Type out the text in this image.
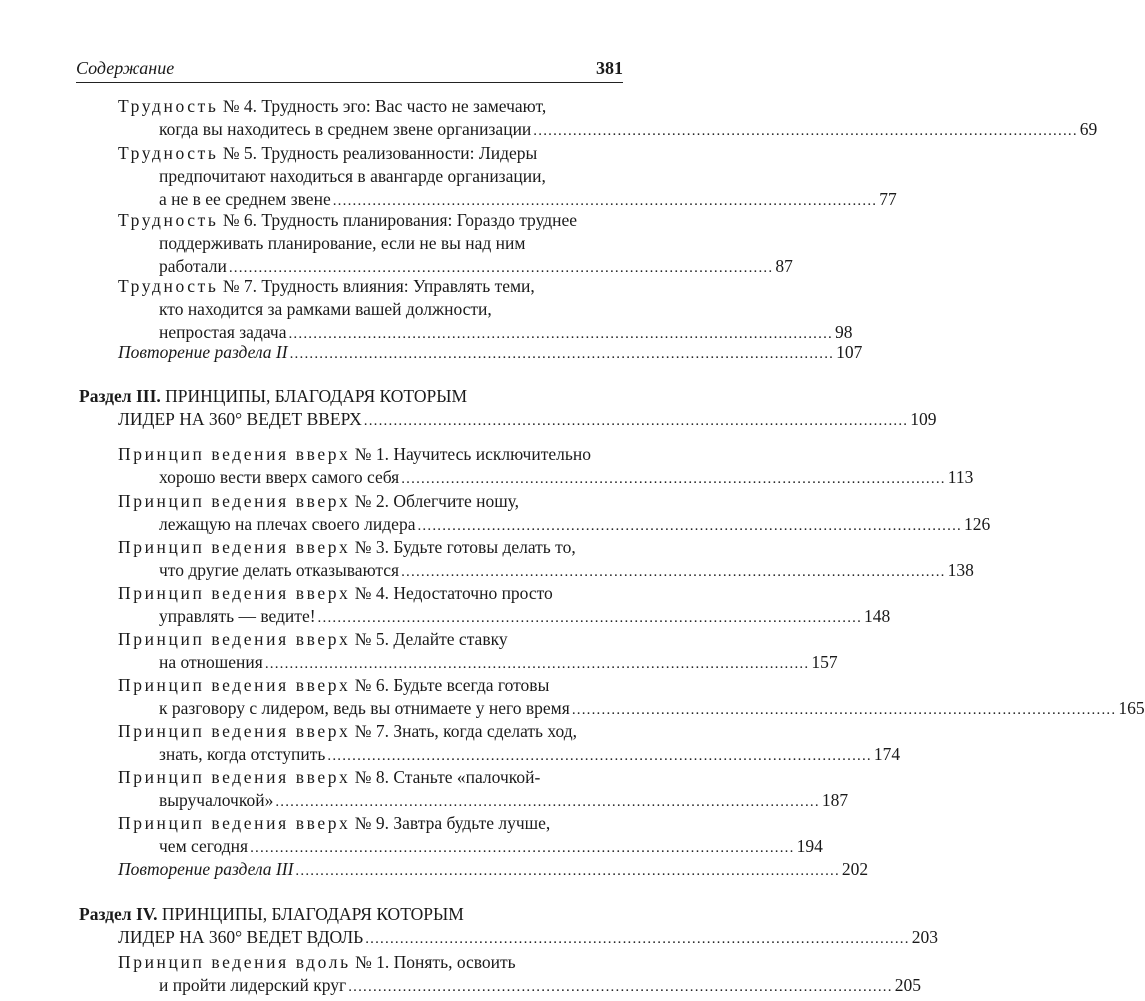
Содержание	381
Трудность № 4. Трудность эго: Вас часто не замечают,
когда вы находитесь в среднем звене организации .............................................................................................................. 69
Трудность № 5. Трудность реализованности: Лидеры
предпочитают находиться в авангарде организации,
а не в ее среднем звене .............................................................................................................. 77
Трудность № 6. Трудность планирования: Гораздо труднее
поддерживать планирование, если не вы над ним
работали .............................................................................................................. 87
Трудность № 7. Трудность влияния: Управлять теми,
кто находится за рамками вашей должности,
непростая задача .............................................................................................................. 98
Повторение раздела II .............................................................................................................. 107
Раздел III. ПРИНЦИПЫ, БЛАГОДАРЯ КОТОРЫМ
ЛИДЕР НА 360° ВЕДЕТ ВВЕРХ .............................................................................................................. 109
Принцип ведения вверх № 1. Научитесь исключительно
хорошо вести вверх самого себя .............................................................................................................. 113
Принцип ведения вверх № 2. Облегчите ношу,
лежащую на плечах своего лидера .............................................................................................................. 126
Принцип ведения вверх № 3. Будьте готовы делать то,
что другие делать отказываются .............................................................................................................. 138
Принцип ведения вверх № 4. Недостаточно просто
управлять — ведите! .............................................................................................................. 148
Принцип ведения вверх № 5. Делайте ставку
на отношения .............................................................................................................. 157
Принцип ведения вверх № 6. Будьте всегда готовы
к разговору с лидером, ведь вы отнимаете у него время .............................................................................................................. 165
Принцип ведения вверх № 7. Знать, когда сделать ход,
знать, когда отступить .............................................................................................................. 174
Принцип ведения вверх № 8. Станьте «палочкой-
выручалочкой» .............................................................................................................. 187
Принцип ведения вверх № 9. Завтра будьте лучше,
чем сегодня .............................................................................................................. 194
Повторение раздела III .............................................................................................................. 202
Раздел IV. ПРИНЦИПЫ, БЛАГОДАРЯ КОТОРЫМ
ЛИДЕР НА 360° ВЕДЕТ ВДОЛЬ .............................................................................................................. 203
Принцип ведения вдоль № 1. Понять, освоить
и пройти лидерский круг .............................................................................................................. 205
